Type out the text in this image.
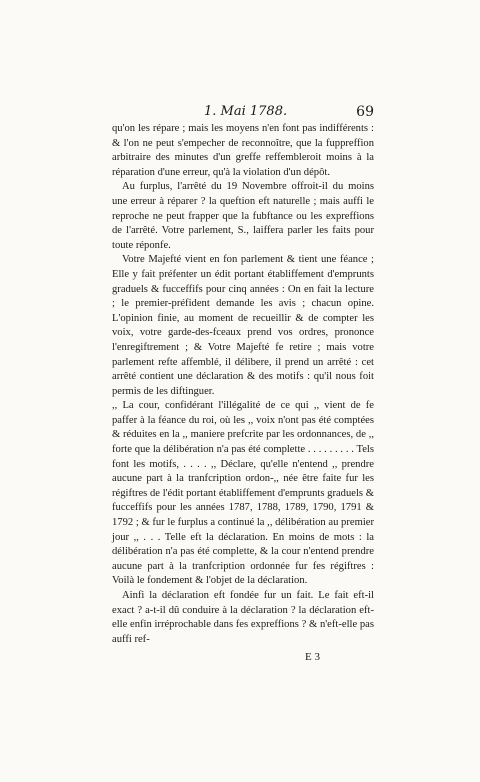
1. Mai 1788.	69

qu'on les répare ; mais les moyens n'en font pas indifférents : & l'on ne peut s'empecher de reconnoître, que la fuppreffion arbitraire des minutes d'un greffe reffembleroit moins à la réparation d'une erreur, qu'à la violation d'un dépôt.

Au furplus, l'arrêté du 19 Novembre offroit-il du moins une erreur à réparer ? la queftion eft naturelle ; mais auffi le reproche ne peut frapper que la fubftance ou les expreffions de l'arrêté. Votre parlement, S., laiffera parler les faits pour toute réponfe.

Votre Majefté vient en fon parlement & tient une féance ; Elle y fait préfenter un édit portant établiffement d'emprunts graduels & fucceffifs pour cinq années : On en fait la lecture ; le premier-préfident demande les avis ; chacun opine. L'opinion finie, au moment de recueillir & de compter les voix, votre garde-des-fceaux prend vos ordres, prononce l'enregiftrement ; & Votre Majefté fe retire ; mais votre parlement refte affemblé, il délibere, il prend un arrêté : cet arrêté contient une déclaration & des motifs : qu'il nous foit permis de les diftinguer.

,, La cour, confidérant l'illégalité de ce qui ,, vient de fe paffer à la féance du roi, où les ,, voix n'ont pas été comptées & réduites en la ,, maniere prefcrite par les ordonnances, de ,, forte que la délibération n'a pas été complette . . . . . . . . . Tels font les motifs, . . . . ,, Déclare, qu'elle n'entend ,, prendre aucune part à la tranfcription ordon-,, née être faite fur les régiftres de l'édit portant établiffement d'emprunts graduels & fucceffifs pour les années 1787, 1788, 1789, 1790, 1791 & 1792 ; & fur le furplus a continué la ,, délibération au premier jour ,, . . . Telle eft la déclaration. En moins de mots : la délibération n'a pas été complette, & la cour n'entend prendre aucune part à la tranfcription ordonnée fur fes régiftres : Voilà le fondement & l'objet de la déclaration.

Ainfi la déclaration eft fondée fur un fait. Le fait eft-il exact ? a-t-il dû conduire à la déclaration ? la déclaration eft-elle enfin irréprochable dans fes expreffions ? & n'eft-elle pas auffi ref-

E 3
